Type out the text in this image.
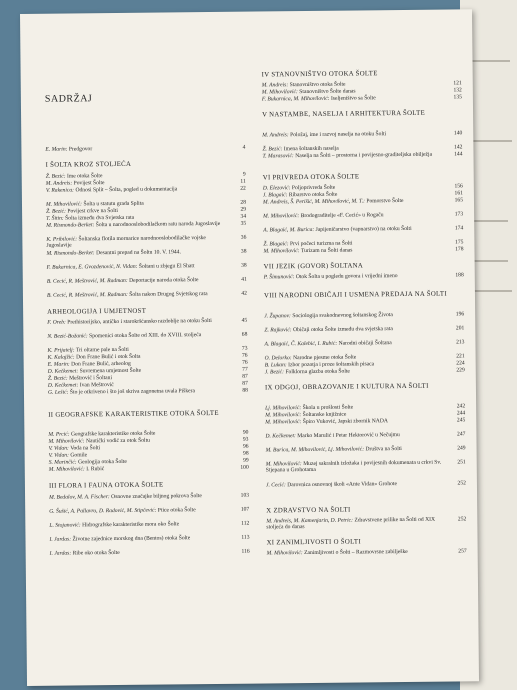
SADRŽAJ
E. Marin: Predgovor	4
I ŠOLTA KROZ STOLJEĆA
Ž. Bezić: Ime otoka Šolte	9
M. Andreis: Povijest Šolte	11
V. Rakenica: Odnosi Split – Šolta, pogled u dokumentacija	22
M. Mihovilović: Šolta u statutu grada Splita	28
Ž. Bezić: Povijest crkve na Šolti	29
T. Šitin: Šolta između dva Svjetska rata	34
M. Rismondo-Berket: Šolta u narodnooslobodilačkom ratu naroda Jugoslavije	35
K. Pribilović: Šoltanska flotila mornarice narodnooslobodilačke vojske Jugoslavije
36
M. Rismondo-Berket: Desantni prepad na Šoltu 10. V. 1944.	38
F. Bukarnica, E. Gvozdenović, N. Vidan: Šoltani u zbjegu El Shatt	38
B. Cecić, R. Meštrović, M. Radman: Deportacije naroda otoka Šolte	41
B. Cecić, R. Meštrović, M. Radman: Šolta nakon Drugog Svjetskog rata	42
ARHEOLOGIJA I UMJETNOST
F. Oreb: Prethistorijsko, antičko i starokršćansko razdoblje na otoku Šolti	45
N. Bezić-Božanić: Spomenici otoka Šolte od XIII. do XVIII. stoljeća	68
K. Prijatelj: Tri oltarne pale na Šolti	73
K. Kalajžić: Don Frane Bulić i otok Šolta	76
E. Marin: Don Frane Bulić, arheolog	76
D. Kečkemet: Suvremena umjetnost Šolte	77
Ž. Bezić: Meštrović i Šoltani	87
D. Kečkemet: Ivan Meštrović	87
G. Lešić: Što je otkriveno i što još skriva zagonetna uvala Piškera	88
II GEOGRAFSKE KARAKTERISTIKE OTOKA ŠOLTE
M. Prcić: Geografske karakteristike otoka Šolte	90
M. Mihovilović: Nautički vodić za otok Šoltu	93
V. Vidan: Voda na Šolti	96
V. Vidan: Gomile	98
S. Marinčić: Geologija otoka Šolte	99
M. Mihovilović: I. Rubić	100
III FLORA I FAUNA OTOKA ŠOLTE
M. Bedalov, M. A. Fischer: Osnovne značajke biljnog pokrova Šolte	103
G. Šušić, A. Pallavro, D. Radović, M. Stipčević: Ptice otoka Šolte	107
L. Stojanović: Hidrografske karakteristike mora oko Šolte	112
I. Jardas: Životne zajednice morskog dna (Bentos) otoka Šolte	113
I. Jardas: Ribe oko otoka Šolte	116
IV STANOVNIŠTVO OTOKA ŠOLTE
M. Andreis: Stanovništvo otoka Šolte	121
M. Mihovilović: Stanovništvo Šolte danas	132
F. Bukarnica, M. Mihovilović: Iseljeništvo sa Šolte	135
V NASTAMBE, NASELJA I ARHITEKTURA ŠOLTE
M. Andreis: Položaj, ime i razvoj naselja na otoku Šolti	140
Ž. Bezić: Imena šoltanskih naselja	142
T. Marasović: Naselja na Šolti – prostorna i povijesno-graditeljska obilježja	144
VI PRIVREDA OTOKA ŠOLTE
D. Elezović: Poljoprivreda Šolte	156
J. Blagaić: Ribarstvo otoka Šolte	161
M. Andreis, Š. Perišić, M. Mihovilović, M. T.: Pomorstvo Šolte	165
M. Mihovilović: Brodograditelje «F. Cecić» u Rogaču	173
A. Blagaić, M. Burica: Japijeničarstvo (vapnarstvo) na otoku Šolti	174
Ž. Blagaić: Prvi počeci turizma na Šolti	175
M. Mihovilović: Turizam na Šolti danas	178
VII JEZIK (GOVOR) ŠOLTANA
P. Šimunović: Otok Šolta u pogledu govora i vrijedni imeno	188
VIII NARODNI OBIČAJI I USMENA PREDAJA NA ŠOLTI
J. Županov: Sociologija svakodnevnog šoltanskog Života	196
Z. Rajković: Običaji otoka Šolte između dva svjetska rata	201
A. Blagaić, Č. Kalebić, I. Rubić: Narodni običaji Šoltana	213
O. Delorko: Narodne pjesme otoka Šolte	221
B. Lukan: Izbor pozotja i proze šoltanskih pisaca	224
J. Bezić: Folklorna glazba otoka Šolte	229
IX ODGOJ, OBRAZOVANJE I KULTURA NA ŠOLTI
Lj. Mihovilović: Škola u prošlosti Šolte	242
M. Mihovilović: Šoltanske knjižnice	244
M. Mihovilović: Špiro Vuković, Japski zbornik NADA	245
D. Kečkemet: Marko Marulić i Petar Hektorović u Nečujmu	247
M. Burica, M. Mihovilović, Lj. Mihovilović: Društva na Šolti	249
M. Mihovilović: Muzej sakralnih izložaka i povijesnih dokumenata u crkvi Sv. Stjepana u Grohotama
251
J. Cecić: Darovnica osnovnoj školi «Ante Vidan» Grohote	252
X ZDRAVSTVO NA ŠOLTI
M. Andreis, M. Kamenjarin, D. Petric: Zdravstvene prilike na Šolti od XIX stoljeća do danas
252
XI ZANIMLJIVOSTI O ŠOLTI
M. Mihovilović: Zanimljivosti o Šolti – Razmovrsne zabilješke	257
